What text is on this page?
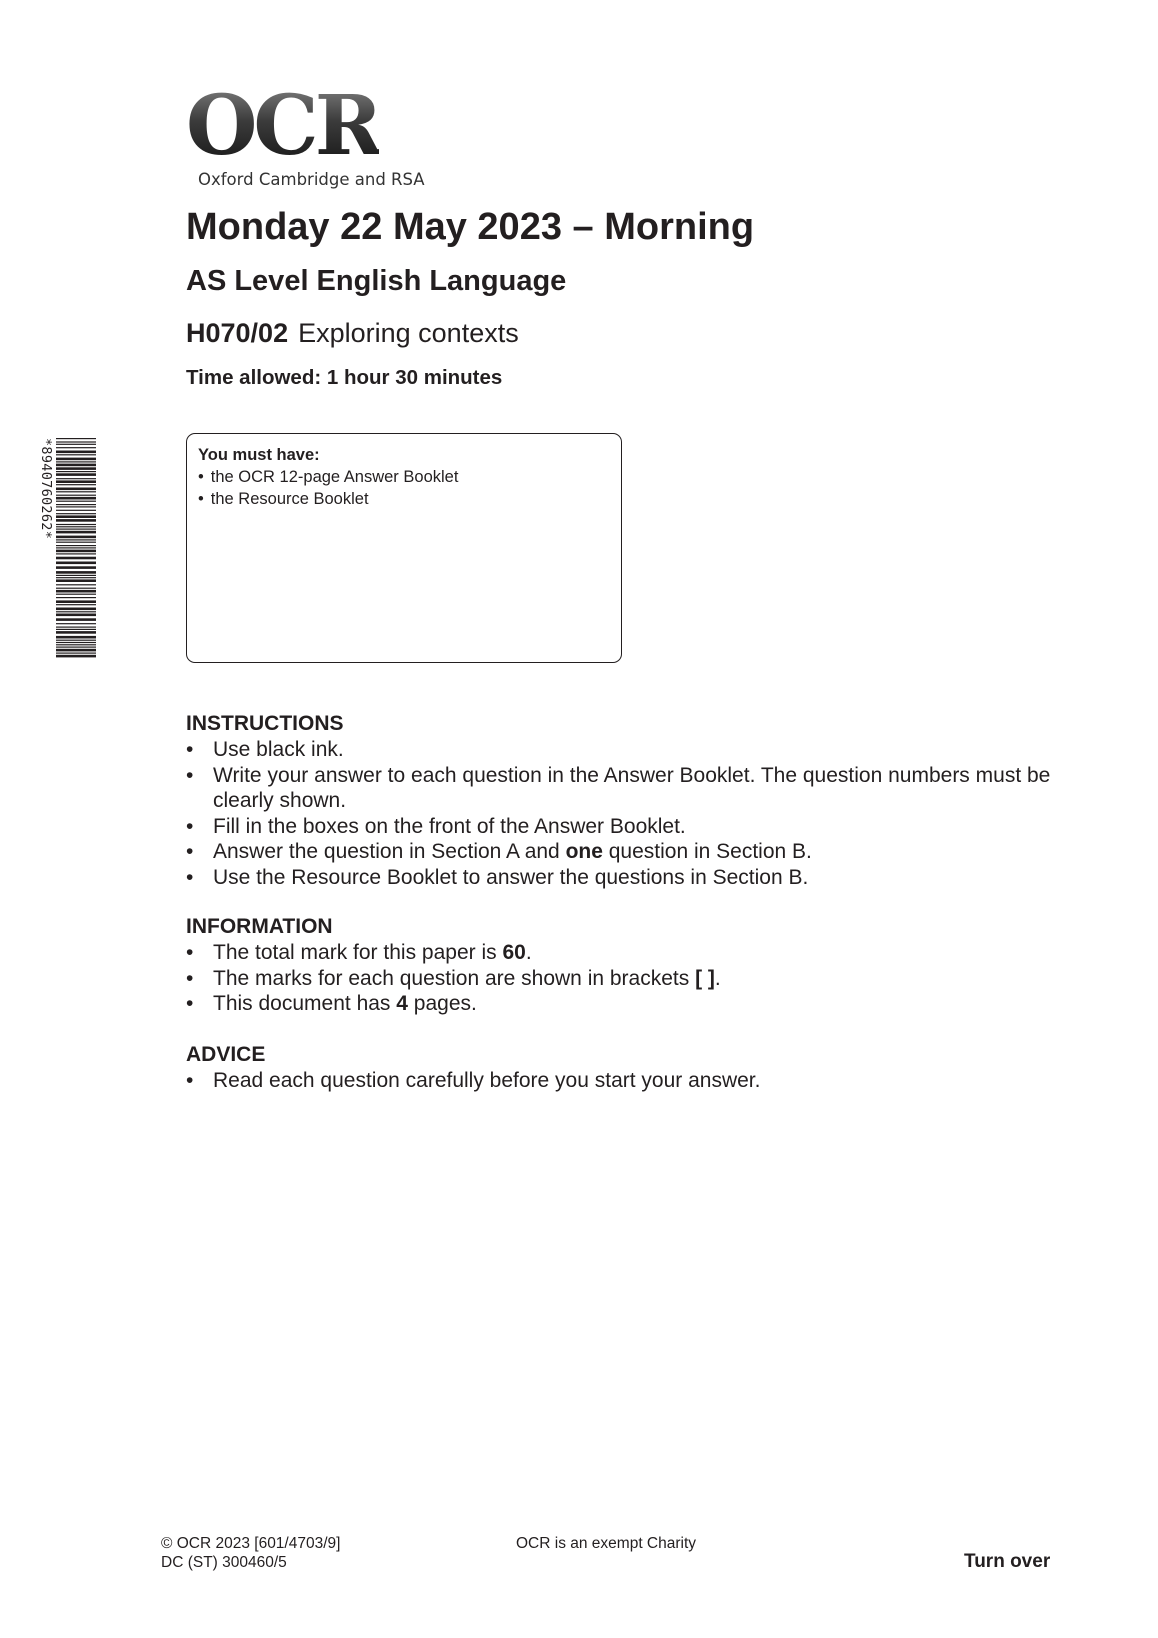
OCR
Oxford Cambridge and RSA
Monday 22 May 2023 – Morning
AS Level English Language
H070/02 Exploring contexts
Time allowed: 1 hour 30 minutes
*8940760262*	You must have:
• the OCR 12-page Answer Booklet
• the Resource Booklet
INSTRUCTIONS
• Use black ink.
• Write your answer to each question in the Answer Booklet. The question numbers must be clearly shown.
• Fill in the boxes on the front of the Answer Booklet.
• Answer the question in Section A and one question in Section B.
• Use the Resource Booklet to answer the questions in Section B.
INFORMATION
• The total mark for this paper is 60.
• The marks for each question are shown in brackets [ ].
• This document has 4 pages.
ADVICE
• Read each question carefully before you start your answer.
© OCR 2023 [601/4703/9]
DC (ST) 300460/5
OCR is an exempt Charity
Turn over
